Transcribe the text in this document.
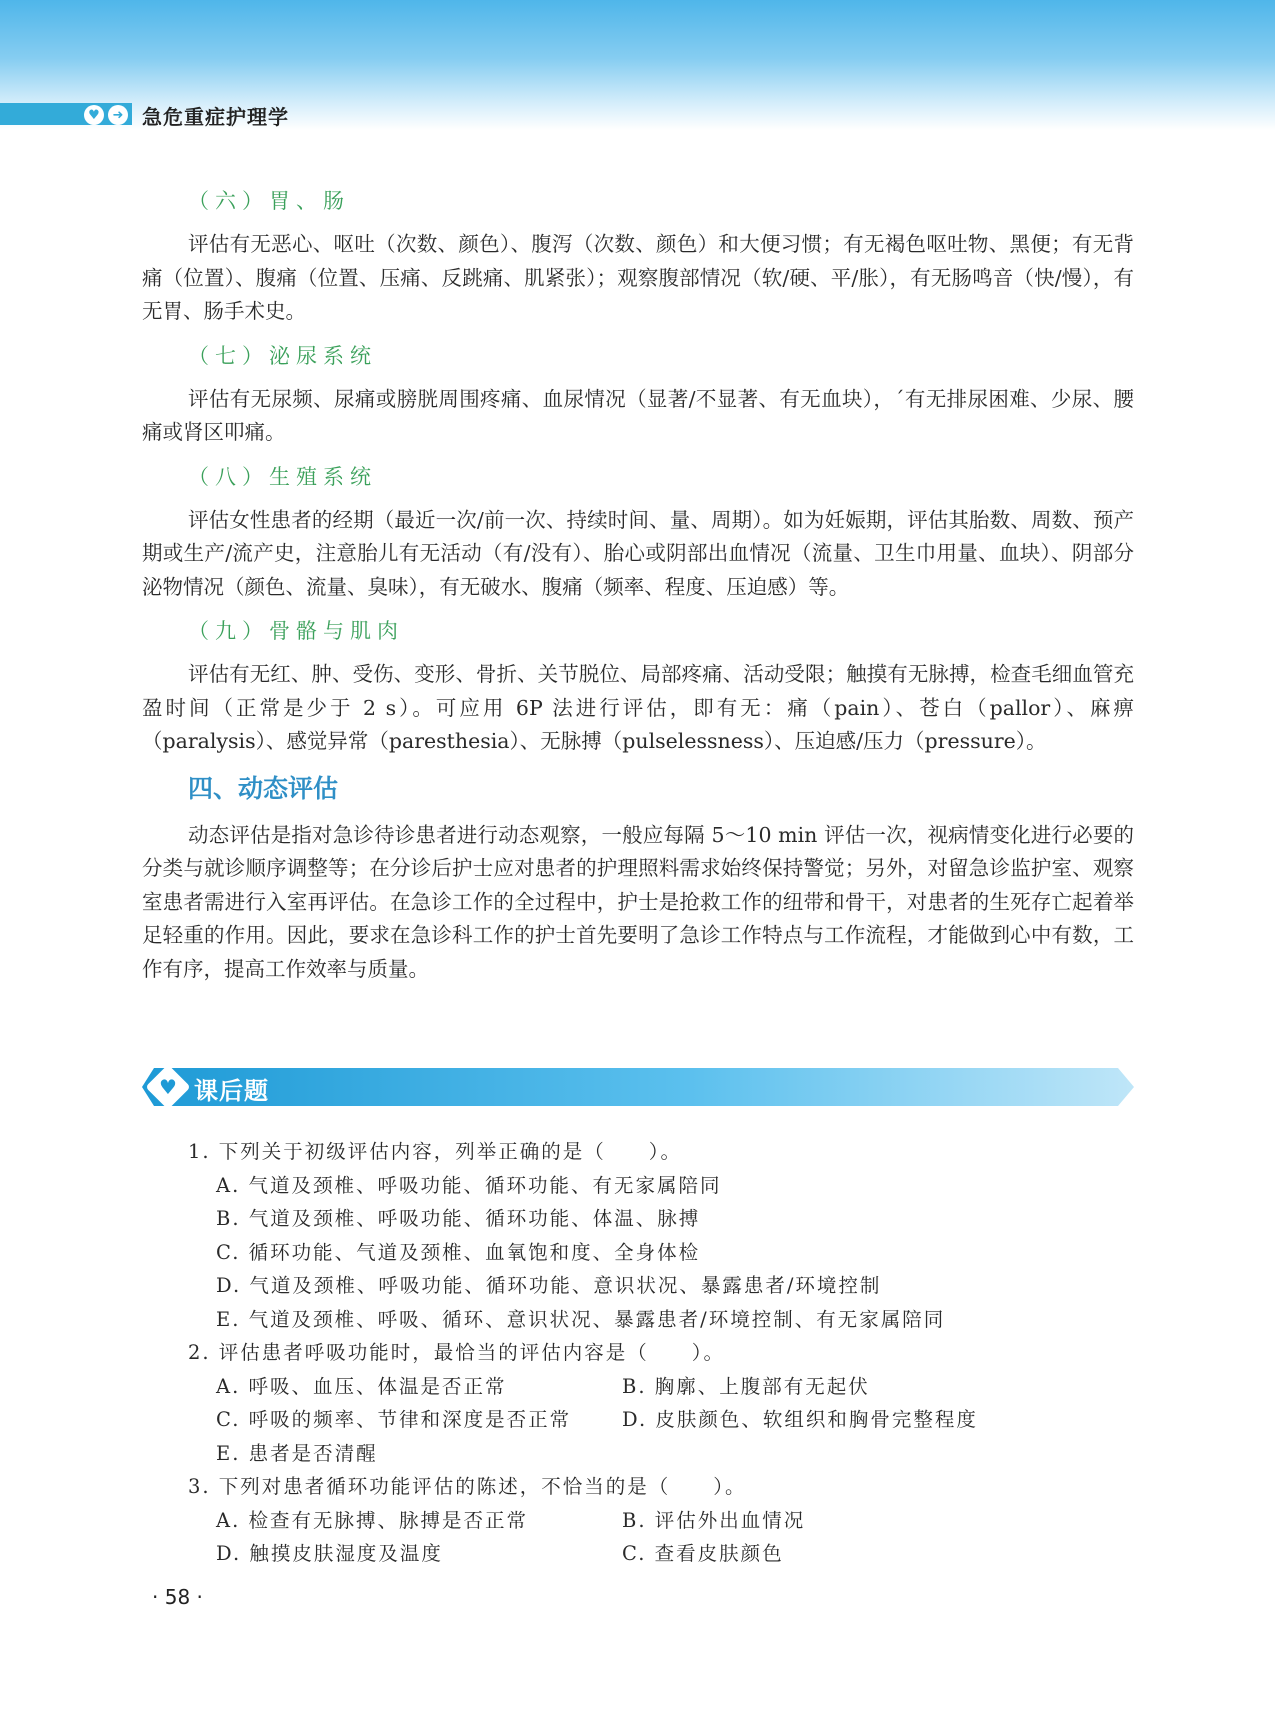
♥ ➜ 急危重症护理学
（六）胃、肠

评估有无恶心、呕吐（次数、颜色）、腹泻（次数、颜色）和大便习惯；有无褐色呕吐物、黑便；有无背痛（位置）、腹痛（位置、压痛、反跳痛、肌紧张）；观察腹部情况（软/硬、平/胀），有无肠鸣音（快/慢），有无胃、肠手术史。

（七）泌尿系统

评估有无尿频、尿痛或膀胱周围疼痛、血尿情况（显著/不显著、有无血块），´有无排尿困难、少尿、腰痛或肾区叩痛。

（八）生殖系统

评估女性患者的经期（最近一次/前一次、持续时间、量、周期）。如为妊娠期，评估其胎数、周数、预产期或生产/流产史，注意胎儿有无活动（有/没有）、胎心或阴部出血情况（流量、卫生巾用量、血块）、阴部分泌物情况（颜色、流量、臭味），有无破水、腹痛（频率、程度、压迫感）等。

（九）骨骼与肌肉

评估有无红、肿、受伤、变形、骨折、关节脱位、局部疼痛、活动受限；触摸有无脉搏，检查毛细血管充盈时间（正常是少于 2 s）。可应用 6P 法进行评估，即有无：痛（pain）、苍白（pallor）、麻痹（paralysis）、感觉异常（paresthesia）、无脉搏（pulselessness）、压迫感/压力（pressure）。

四、动态评估

动态评估是指对急诊待诊患者进行动态观察，一般应每隔 5～10 min 评估一次，视病情变化进行必要的分类与就诊顺序调整等；在分诊后护士应对患者的护理照料需求始终保持警觉；另外，对留急诊监护室、观察室患者需进行入室再评估。在急诊工作的全过程中，护士是抢救工作的纽带和骨干，对患者的生死存亡起着举足轻重的作用。因此，要求在急诊科工作的护士首先要明了急诊工作特点与工作流程，才能做到心中有数，工作有序，提高工作效率与质量。

♥ 课后题
1. 下列关于初级评估内容，列举正确的是（　　）。
A. 气道及颈椎、呼吸功能、循环功能、有无家属陪同
B. 气道及颈椎、呼吸功能、循环功能、体温、脉搏
C. 循环功能、气道及颈椎、血氧饱和度、全身体检
D. 气道及颈椎、呼吸功能、循环功能、意识状况、暴露患者/环境控制
E. 气道及颈椎、呼吸、循环、意识状况、暴露患者/环境控制、有无家属陪同
2. 评估患者呼吸功能时，最恰当的评估内容是（　　）。
A. 呼吸、血压、体温是否正常	B. 胸廓、上腹部有无起伏
C. 呼吸的频率、节律和深度是否正常	D. 皮肤颜色、软组织和胸骨完整程度
E. 患者是否清醒
3. 下列对患者循环功能评估的陈述，不恰当的是（　　）。
A. 检查有无脉搏、脉搏是否正常	B. 评估外出血情况
D. 触摸皮肤湿度及温度	C. 查看皮肤颜色
· 58 ·
